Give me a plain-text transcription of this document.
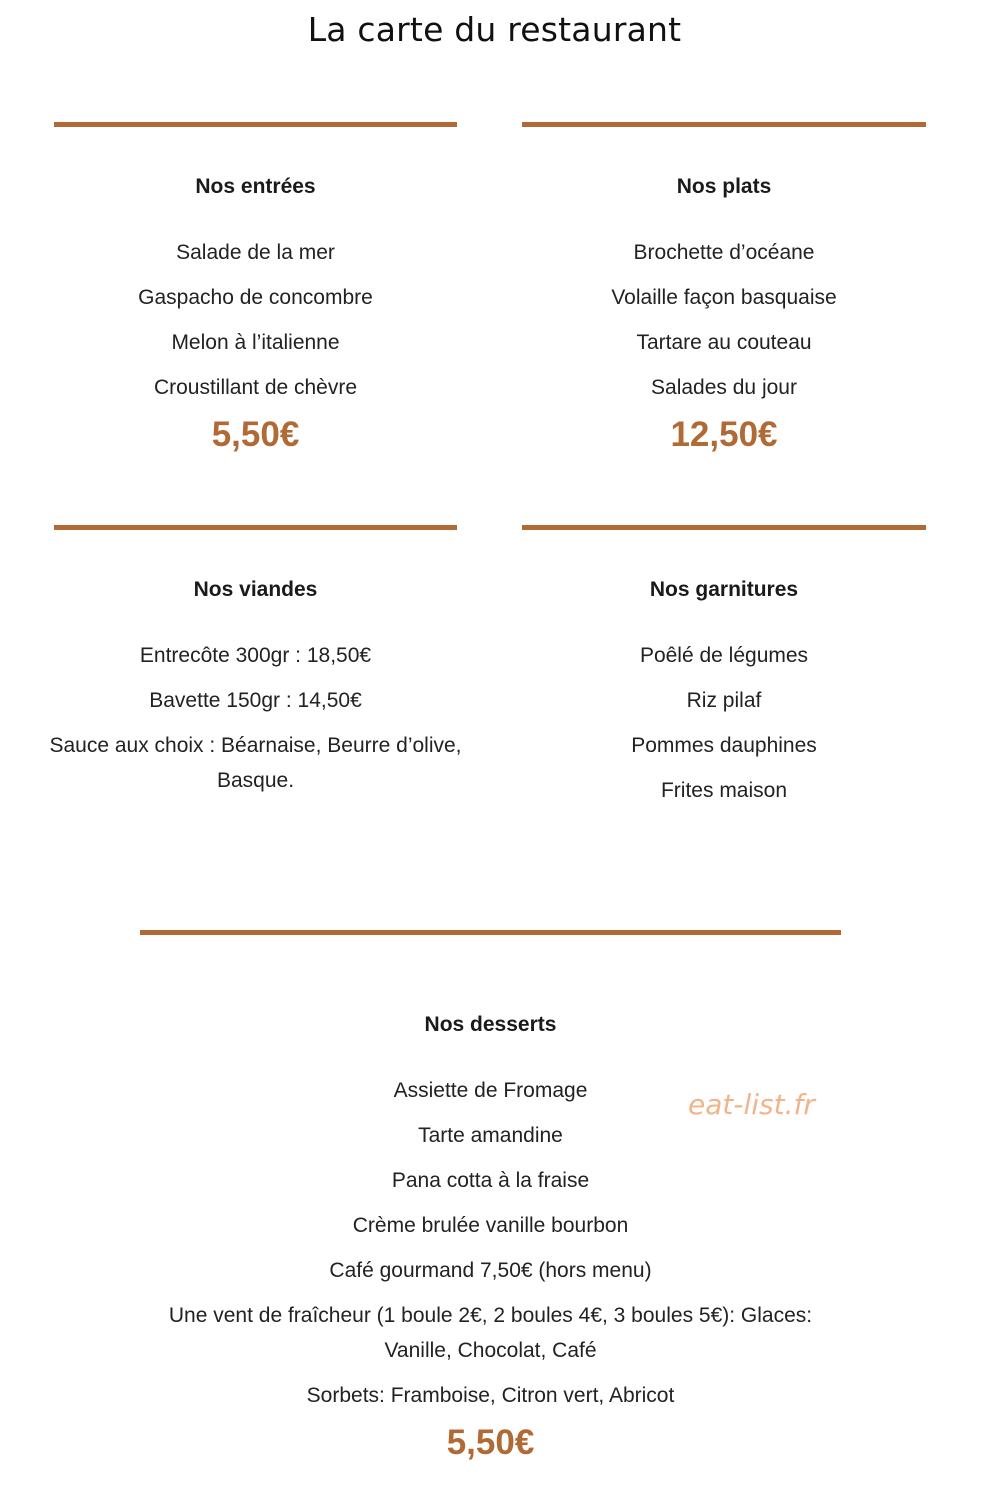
La carte du restaurant
Nos entrées
Salade de la mer
Gaspacho de concombre
Melon à l’italienne
Croustillant de chèvre

5,50€

Nos plats
Brochette d’océane
Volaille façon basquaise
Tartare au couteau
Salades du jour

12,50€

Nos viandes
Entrecôte 300gr : 18,50€
Bavette 150gr : 14,50€
Sauce aux choix : Béarnaise, Beurre d’olive, Basque.
Nos garnitures
Poêlé de légumes
Riz pilaf
Pommes dauphines
Frites maison
Nos desserts
Assiette de Fromage
Tarte amandine
Pana cotta à la fraise
Crème brulée vanille bourbon
Café gourmand 7,50€ (hors menu)
Une vent de fraîcheur (1 boule 2€, 2 boules 4€, 3 boules 5€): Glaces: Vanille, Chocolat, Café
Sorbets: Framboise, Citron vert, Abricot

5,50€

eat-list.fr
